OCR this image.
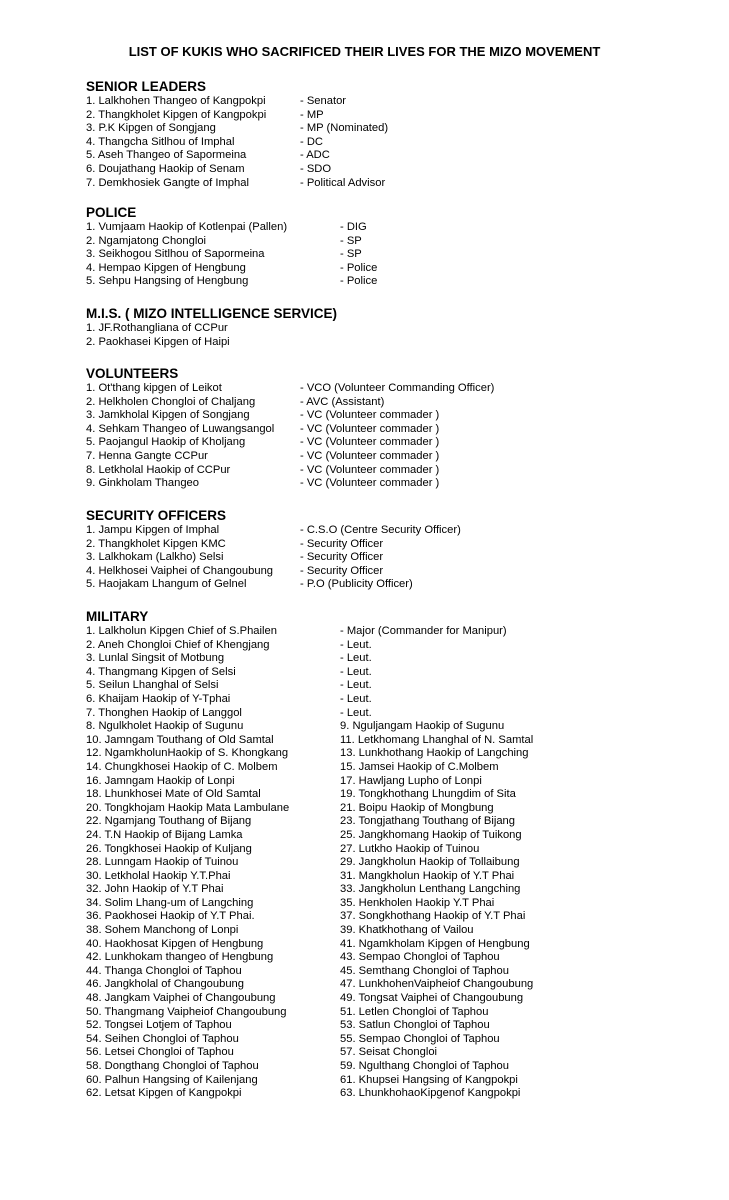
LIST OF KUKIS WHO SACRIFICED THEIR LIVES FOR THE MIZO MOVEMENT
SENIOR LEADERS
1. Lalkhohen Thangeo of Kangpokpi	- Senator
2. Thangkholet Kipgen of Kangpokpi	- MP
3. P.K Kipgen of Songjang	- MP (Nominated)
4. Thangcha Sitlhou of Imphal	- DC
5. Aseh Thangeo of Sapormeina	- ADC
6. Doujathang Haokip of Senam	- SDO
7. Demkhosiek Gangte of Imphal	- Political Advisor
POLICE
1. Vumjaam Haokip of Kotlenpai (Pallen)	- DIG
2. Ngamjatong Chongloi	- SP
3. Seikhogou Sitlhou of Sapormeina	- SP
4. Hempao Kipgen of Hengbung	- Police
5. Sehpu Hangsing of Hengbung	- Police
M.I.S. ( MIZO INTELLIGENCE SERVICE)
1. JF.Rothangliana of CCPur
2. Paokhasei Kipgen of Haipi
VOLUNTEERS
1. Ot'thang kipgen of Leikot	- VCO (Volunteer Commanding Officer)
2. Helkholen Chongloi of Chaljang	- AVC (Assistant)
3. Jamkholal Kipgen of Songjang	- VC (Volunteer commader )
4. Sehkam Thangeo of Luwangsangol - VC (Volunteer commader )
5. Paojangul Haokip of Kholjang	- VC (Volunteer commader )
7. Henna Gangte CCPur	- VC (Volunteer commader )
8. Letkholal Haokip of CCPur	- VC (Volunteer commader )
9. Ginkholam Thangeo	- VC (Volunteer commader )
SECURITY OFFICERS
1. Jampu Kipgen of Imphal	- C.S.O (Centre Security Officer)
2. Thangkholet Kipgen KMC	- Security Officer
3. Lalkhokam (Lalkho) Selsi	- Security Officer
4. Helkhosei Vaiphei of Changoubung - Security Officer
5. Haojakam Lhangum of Gelnel	- P.O (Publicity Officer)
MILITARY
1. Lalkholun Kipgen Chief of S.Phailen	- Major (Commander for Manipur)
2. Aneh Chongloi Chief of Khengjang	- Leut.
3. Lunlal Singsit of Motbung	- Leut.
4. Thangmang Kipgen of Selsi	- Leut.
5. Seilun Lhanghal of Selsi	- Leut.
6. Khaijam Haokip of Y-Tphai	- Leut.
7. Thonghen Haokip of Langgol	- Leut.
8. Ngulkholet Haokip of Sugunu	9. Nguljangam Haokip of Sugunu
10. Jamngam Touthang of Old Samtal	11. Letkhomang Lhanghal of N. Samtal
12. NgamkholunHaokip of S. Khongkang	13. Lunkhothang Haokip of Langching
14. Chungkhosei Haokip of C. Molbem	15. Jamsei Haokip of C.Molbem
16. Jamngam Haokip of Lonpi	17. Hawljang Lupho of Lonpi
18. Lhunkhosei Mate of Old Samtal	19. Tongkhothang Lhungdim of Sita
20. Tongkhojam Haokip Mata Lambulane	21. Boipu Haokip of Mongbung
22. Ngamjang Touthang of Bijang	23. Tongjathang Touthang of Bijang
24. T.N Haokip of Bijang Lamka	25. Jangkhomang Haokip of Tuikong
26. Tongkhosei Haokip of Kuljang	27. Lutkho Haokip of Tuinou
28. Lunngam Haokip of Tuinou	29. Jangkholun Haokip of Tollaibung
30. Letkholal Haokip Y.T.Phai	31. Mangkholun Haokip of Y.T Phai
32. John Haokip of Y.T Phai	33. Jangkholun Lenthang Langching
34. Solim Lhang-um of Langching	35. Henkholen Haokip Y.T Phai
36. Paokhosei Haokip of Y.T Phai.	37. Songkhothang Haokip of Y.T Phai
38. Sohem Manchong of Lonpi	39. Khatkhothang of Vailou
40. Haokhosat Kipgen of Hengbung	41. Ngamkholam Kipgen of Hengbung
42. Lunkhokam thangeo of Hengbung	43. Sempao Chongloi of Taphou
44. Thanga Chongloi of Taphou	45. Semthang Chongloi of Taphou
46. Jangkholal of Changoubung	47. LunkhohenVaipheiof Changoubung
48. Jangkam Vaiphei of Changoubung	49. Tongsat Vaiphei of Changoubung
50. Thangmang Vaipheiof Changoubung	51. Letlen Chongloi of Taphou
52. Tongsei Lotjem of Taphou	53. Satlun Chongloi of Taphou
54. Seihen Chongloi of Taphou	55. Sempao Chongloi of Taphou
56. Letsei Chongloi of Taphou	57. Seisat Chongloi
58. Dongthang Chongloi of Taphou	59. Ngulthang Chongloi of Taphou
60. Palhun Hangsing of Kailenjang	61. Khupsei Hangsing of Kangpokpi
62. Letsat Kipgen of Kangpokpi	63. LhunkhohaoKipgenof Kangpokpi
